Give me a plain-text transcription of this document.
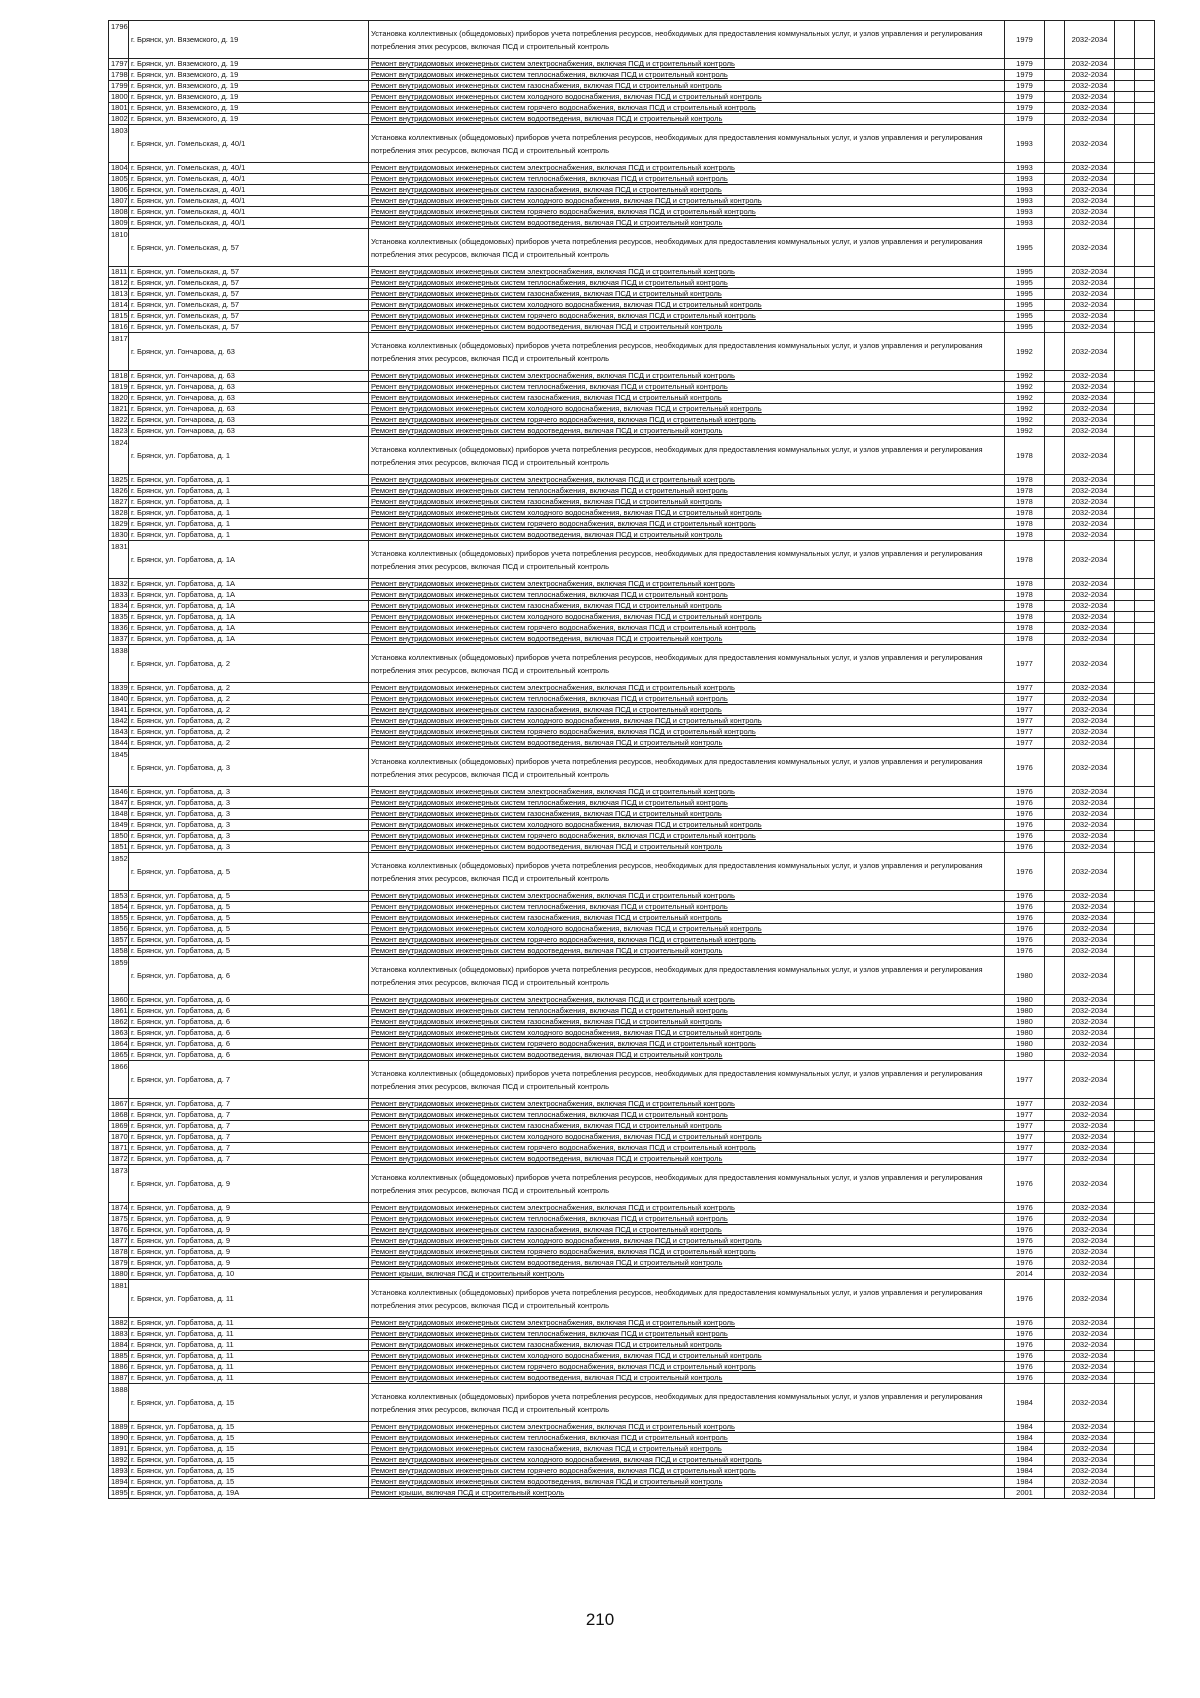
1796	г. Брянск, ул. Вяземского, д. 19	Установка коллективных (общедомовых) приборов учета потребления ресурсов, необходимых для предоставления коммунальных услуг, и узлов управления и регулирования потребления этих ресурсов, включая ПСД и строительный контроль	1979		2032-2034		
1797	г. Брянск, ул. Вяземского, д. 19	Ремонт внутридомовых инженерных систем электроснабжения, включая ПСД и строительный контроль	1979		2032-2034		
1798	г. Брянск, ул. Вяземского, д. 19	Ремонт внутридомовых инженерных систем теплоснабжения, включая ПСД и строительный контроль	1979		2032-2034		
1799	г. Брянск, ул. Вяземского, д. 19	Ремонт внутридомовых инженерных систем газоснабжения, включая ПСД и строительный контроль	1979		2032-2034		
1800	г. Брянск, ул. Вяземского, д. 19	Ремонт внутридомовых инженерных систем холодного водоснабжения, включая ПСД и строительный контроль	1979		2032-2034		
1801	г. Брянск, ул. Вяземского, д. 19	Ремонт внутридомовых инженерных систем горячего водоснабжения, включая ПСД и строительный контроль	1979		2032-2034		
1802	г. Брянск, ул. Вяземского, д. 19	Ремонт внутридомовых инженерных систем водоотведения, включая ПСД и строительный контроль	1979		2032-2034		
1803	г. Брянск, ул. Гомельская, д. 40/1	Установка коллективных (общедомовых) приборов учета потребления ресурсов, необходимых для предоставления коммунальных услуг, и узлов управления и регулирования потребления этих ресурсов, включая ПСД и строительный контроль	1993		2032-2034		
1804	г. Брянск, ул. Гомельская, д. 40/1	Ремонт внутридомовых инженерных систем электроснабжения, включая ПСД и строительный контроль	1993		2032-2034		
1805	г. Брянск, ул. Гомельская, д. 40/1	Ремонт внутридомовых инженерных систем теплоснабжения, включая ПСД и строительный контроль	1993		2032-2034		
1806	г. Брянск, ул. Гомельская, д. 40/1	Ремонт внутридомовых инженерных систем газоснабжения, включая ПСД и строительный контроль	1993		2032-2034		
1807	г. Брянск, ул. Гомельская, д. 40/1	Ремонт внутридомовых инженерных систем холодного водоснабжения, включая ПСД и строительный контроль	1993		2032-2034		
1808	г. Брянск, ул. Гомельская, д. 40/1	Ремонт внутридомовых инженерных систем горячего водоснабжения, включая ПСД и строительный контроль	1993		2032-2034		
1809	г. Брянск, ул. Гомельская, д. 40/1	Ремонт внутридомовых инженерных систем водоотведения, включая ПСД и строительный контроль	1993		2032-2034		
1810	г. Брянск, ул. Гомельская, д. 57	Установка коллективных (общедомовых) приборов учета потребления ресурсов, необходимых для предоставления коммунальных услуг, и узлов управления и регулирования потребления этих ресурсов, включая ПСД и строительный контроль	1995		2032-2034		
1811	г. Брянск, ул. Гомельская, д. 57	Ремонт внутридомовых инженерных систем электроснабжения, включая ПСД и строительный контроль	1995		2032-2034		
1812	г. Брянск, ул. Гомельская, д. 57	Ремонт внутридомовых инженерных систем теплоснабжения, включая ПСД и строительный контроль	1995		2032-2034		
1813	г. Брянск, ул. Гомельская, д. 57	Ремонт внутридомовых инженерных систем газоснабжения, включая ПСД и строительный контроль	1995		2032-2034		
1814	г. Брянск, ул. Гомельская, д. 57	Ремонт внутридомовых инженерных систем холодного водоснабжения, включая ПСД и строительный контроль	1995		2032-2034		
1815	г. Брянск, ул. Гомельская, д. 57	Ремонт внутридомовых инженерных систем горячего водоснабжения, включая ПСД и строительный контроль	1995		2032-2034		
1816	г. Брянск, ул. Гомельская, д. 57	Ремонт внутридомовых инженерных систем водоотведения, включая ПСД и строительный контроль	1995		2032-2034		
1817	г. Брянск, ул. Гончарова, д. 63	Установка коллективных (общедомовых) приборов учета потребления ресурсов, необходимых для предоставления коммунальных услуг, и узлов управления и регулирования потребления этих ресурсов, включая ПСД и строительный контроль	1992		2032-2034		
1818	г. Брянск, ул. Гончарова, д. 63	Ремонт внутридомовых инженерных систем электроснабжения, включая ПСД и строительный контроль	1992		2032-2034		
1819	г. Брянск, ул. Гончарова, д. 63	Ремонт внутридомовых инженерных систем теплоснабжения, включая ПСД и строительный контроль	1992		2032-2034		
1820	г. Брянск, ул. Гончарова, д. 63	Ремонт внутридомовых инженерных систем газоснабжения, включая ПСД и строительный контроль	1992		2032-2034		
1821	г. Брянск, ул. Гончарова, д. 63	Ремонт внутридомовых инженерных систем холодного водоснабжения, включая ПСД и строительный контроль	1992		2032-2034		
1822	г. Брянск, ул. Гончарова, д. 63	Ремонт внутридомовых инженерных систем горячего водоснабжения, включая ПСД и строительный контроль	1992		2032-2034		
1823	г. Брянск, ул. Гончарова, д. 63	Ремонт внутридомовых инженерных систем водоотведения, включая ПСД и строительный контроль	1992		2032-2034		
1824	г. Брянск, ул. Горбатова, д. 1	Установка коллективных (общедомовых) приборов учета потребления ресурсов, необходимых для предоставления коммунальных услуг, и узлов управления и регулирования потребления этих ресурсов, включая ПСД и строительный контроль	1978		2032-2034		
1825	г. Брянск, ул. Горбатова, д. 1	Ремонт внутридомовых инженерных систем электроснабжения, включая ПСД и строительный контроль	1978		2032-2034		
1826	г. Брянск, ул. Горбатова, д. 1	Ремонт внутридомовых инженерных систем теплоснабжения, включая ПСД и строительный контроль	1978		2032-2034		
1827	г. Брянск, ул. Горбатова, д. 1	Ремонт внутридомовых инженерных систем газоснабжения, включая ПСД и строительный контроль	1978		2032-2034		
1828	г. Брянск, ул. Горбатова, д. 1	Ремонт внутридомовых инженерных систем холодного водоснабжения, включая ПСД и строительный контроль	1978		2032-2034		
1829	г. Брянск, ул. Горбатова, д. 1	Ремонт внутридомовых инженерных систем горячего водоснабжения, включая ПСД и строительный контроль	1978		2032-2034		
1830	г. Брянск, ул. Горбатова, д. 1	Ремонт внутридомовых инженерных систем водоотведения, включая ПСД и строительный контроль	1978		2032-2034		
1831	г. Брянск, ул. Горбатова, д. 1А	Установка коллективных (общедомовых) приборов учета потребления ресурсов, необходимых для предоставления коммунальных услуг, и узлов управления и регулирования потребления этих ресурсов, включая ПСД и строительный контроль	1978		2032-2034		
1832	г. Брянск, ул. Горбатова, д. 1А	Ремонт внутридомовых инженерных систем электроснабжения, включая ПСД и строительный контроль	1978		2032-2034		
1833	г. Брянск, ул. Горбатова, д. 1А	Ремонт внутридомовых инженерных систем теплоснабжения, включая ПСД и строительный контроль	1978		2032-2034		
1834	г. Брянск, ул. Горбатова, д. 1А	Ремонт внутридомовых инженерных систем газоснабжения, включая ПСД и строительный контроль	1978		2032-2034		
1835	г. Брянск, ул. Горбатова, д. 1А	Ремонт внутридомовых инженерных систем холодного водоснабжения, включая ПСД и строительный контроль	1978		2032-2034		
1836	г. Брянск, ул. Горбатова, д. 1А	Ремонт внутридомовых инженерных систем горячего водоснабжения, включая ПСД и строительный контроль	1978		2032-2034		
1837	г. Брянск, ул. Горбатова, д. 1А	Ремонт внутридомовых инженерных систем водоотведения, включая ПСД и строительный контроль	1978		2032-2034		
1838	г. Брянск, ул. Горбатова, д. 2	Установка коллективных (общедомовых) приборов учета потребления ресурсов, необходимых для предоставления коммунальных услуг, и узлов управления и регулирования потребления этих ресурсов, включая ПСД и строительный контроль	1977		2032-2034		
1839	г. Брянск, ул. Горбатова, д. 2	Ремонт внутридомовых инженерных систем электроснабжения, включая ПСД и строительный контроль	1977		2032-2034		
1840	г. Брянск, ул. Горбатова, д. 2	Ремонт внутридомовых инженерных систем теплоснабжения, включая ПСД и строительный контроль	1977		2032-2034		
1841	г. Брянск, ул. Горбатова, д. 2	Ремонт внутридомовых инженерных систем газоснабжения, включая ПСД и строительный контроль	1977		2032-2034		
1842	г. Брянск, ул. Горбатова, д. 2	Ремонт внутридомовых инженерных систем холодного водоснабжения, включая ПСД и строительный контроль	1977		2032-2034		
1843	г. Брянск, ул. Горбатова, д. 2	Ремонт внутридомовых инженерных систем горячего водоснабжения, включая ПСД и строительный контроль	1977		2032-2034		
1844	г. Брянск, ул. Горбатова, д. 2	Ремонт внутридомовых инженерных систем водоотведения, включая ПСД и строительный контроль	1977		2032-2034		
1845	г. Брянск, ул. Горбатова, д. 3	Установка коллективных (общедомовых) приборов учета потребления ресурсов, необходимых для предоставления коммунальных услуг, и узлов управления и регулирования потребления этих ресурсов, включая ПСД и строительный контроль	1976		2032-2034		
1846	г. Брянск, ул. Горбатова, д. 3	Ремонт внутридомовых инженерных систем электроснабжения, включая ПСД и строительный контроль	1976		2032-2034		
1847	г. Брянск, ул. Горбатова, д. 3	Ремонт внутридомовых инженерных систем теплоснабжения, включая ПСД и строительный контроль	1976		2032-2034		
1848	г. Брянск, ул. Горбатова, д. 3	Ремонт внутридомовых инженерных систем газоснабжения, включая ПСД и строительный контроль	1976		2032-2034		
1849	г. Брянск, ул. Горбатова, д. 3	Ремонт внутридомовых инженерных систем холодного водоснабжения, включая ПСД и строительный контроль	1976		2032-2034		
1850	г. Брянск, ул. Горбатова, д. 3	Ремонт внутридомовых инженерных систем горячего водоснабжения, включая ПСД и строительный контроль	1976		2032-2034		
1851	г. Брянск, ул. Горбатова, д. 3	Ремонт внутридомовых инженерных систем водоотведения, включая ПСД и строительный контроль	1976		2032-2034		
1852	г. Брянск, ул. Горбатова, д. 5	Установка коллективных (общедомовых) приборов учета потребления ресурсов, необходимых для предоставления коммунальных услуг, и узлов управления и регулирования потребления этих ресурсов, включая ПСД и строительный контроль	1976		2032-2034		
1853	г. Брянск, ул. Горбатова, д. 5	Ремонт внутридомовых инженерных систем электроснабжения, включая ПСД и строительный контроль	1976		2032-2034		
1854	г. Брянск, ул. Горбатова, д. 5	Ремонт внутридомовых инженерных систем теплоснабжения, включая ПСД и строительный контроль	1976		2032-2034		
1855	г. Брянск, ул. Горбатова, д. 5	Ремонт внутридомовых инженерных систем газоснабжения, включая ПСД и строительный контроль	1976		2032-2034		
1856	г. Брянск, ул. Горбатова, д. 5	Ремонт внутридомовых инженерных систем холодного водоснабжения, включая ПСД и строительный контроль	1976		2032-2034		
1857	г. Брянск, ул. Горбатова, д. 5	Ремонт внутридомовых инженерных систем горячего водоснабжения, включая ПСД и строительный контроль	1976		2032-2034		
1858	г. Брянск, ул. Горбатова, д. 5	Ремонт внутридомовых инженерных систем водоотведения, включая ПСД и строительный контроль	1976		2032-2034		
1859	г. Брянск, ул. Горбатова, д. 6	Установка коллективных (общедомовых) приборов учета потребления ресурсов, необходимых для предоставления коммунальных услуг, и узлов управления и регулирования потребления этих ресурсов, включая ПСД и строительный контроль	1980		2032-2034		
1860	г. Брянск, ул. Горбатова, д. 6	Ремонт внутридомовых инженерных систем электроснабжения, включая ПСД и строительный контроль	1980		2032-2034		
1861	г. Брянск, ул. Горбатова, д. 6	Ремонт внутридомовых инженерных систем теплоснабжения, включая ПСД и строительный контроль	1980		2032-2034		
1862	г. Брянск, ул. Горбатова, д. 6	Ремонт внутридомовых инженерных систем газоснабжения, включая ПСД и строительный контроль	1980		2032-2034		
1863	г. Брянск, ул. Горбатова, д. 6	Ремонт внутридомовых инженерных систем холодного водоснабжения, включая ПСД и строительный контроль	1980		2032-2034		
1864	г. Брянск, ул. Горбатова, д. 6	Ремонт внутридомовых инженерных систем горячего водоснабжения, включая ПСД и строительный контроль	1980		2032-2034		
1865	г. Брянск, ул. Горбатова, д. 6	Ремонт внутридомовых инженерных систем водоотведения, включая ПСД и строительный контроль	1980		2032-2034		
1866	г. Брянск, ул. Горбатова, д. 7	Установка коллективных (общедомовых) приборов учета потребления ресурсов, необходимых для предоставления коммунальных услуг, и узлов управления и регулирования потребления этих ресурсов, включая ПСД и строительный контроль	1977		2032-2034		
1867	г. Брянск, ул. Горбатова, д. 7	Ремонт внутридомовых инженерных систем электроснабжения, включая ПСД и строительный контроль	1977		2032-2034		
1868	г. Брянск, ул. Горбатова, д. 7	Ремонт внутридомовых инженерных систем теплоснабжения, включая ПСД и строительный контроль	1977		2032-2034		
1869	г. Брянск, ул. Горбатова, д. 7	Ремонт внутридомовых инженерных систем газоснабжения, включая ПСД и строительный контроль	1977		2032-2034		
1870	г. Брянск, ул. Горбатова, д. 7	Ремонт внутридомовых инженерных систем холодного водоснабжения, включая ПСД и строительный контроль	1977		2032-2034		
1871	г. Брянск, ул. Горбатова, д. 7	Ремонт внутридомовых инженерных систем горячего водоснабжения, включая ПСД и строительный контроль	1977		2032-2034		
1872	г. Брянск, ул. Горбатова, д. 7	Ремонт внутридомовых инженерных систем водоотведения, включая ПСД и строительный контроль	1977		2032-2034		
1873	г. Брянск, ул. Горбатова, д. 9	Установка коллективных (общедомовых) приборов учета потребления ресурсов, необходимых для предоставления коммунальных услуг, и узлов управления и регулирования потребления этих ресурсов, включая ПСД и строительный контроль	1976		2032-2034		
1874	г. Брянск, ул. Горбатова, д. 9	Ремонт внутридомовых инженерных систем электроснабжения, включая ПСД и строительный контроль	1976		2032-2034		
1875	г. Брянск, ул. Горбатова, д. 9	Ремонт внутридомовых инженерных систем теплоснабжения, включая ПСД и строительный контроль	1976		2032-2034		
1876	г. Брянск, ул. Горбатова, д. 9	Ремонт внутридомовых инженерных систем газоснабжения, включая ПСД и строительный контроль	1976		2032-2034		
1877	г. Брянск, ул. Горбатова, д. 9	Ремонт внутридомовых инженерных систем холодного водоснабжения, включая ПСД и строительный контроль	1976		2032-2034		
1878	г. Брянск, ул. Горбатова, д. 9	Ремонт внутридомовых инженерных систем горячего водоснабжения, включая ПСД и строительный контроль	1976		2032-2034		
1879	г. Брянск, ул. Горбатова, д. 9	Ремонт внутридомовых инженерных систем водоотведения, включая ПСД и строительный контроль	1976		2032-2034		
1880	г. Брянск, ул. Горбатова, д. 10	Ремонт крыши, включая ПСД и строительный контроль	2014		2032-2034		
1881	г. Брянск, ул. Горбатова, д. 11	Установка коллективных (общедомовых) приборов учета потребления ресурсов, необходимых для предоставления коммунальных услуг, и узлов управления и регулирования потребления этих ресурсов, включая ПСД и строительный контроль	1976		2032-2034		
1882	г. Брянск, ул. Горбатова, д. 11	Ремонт внутридомовых инженерных систем электроснабжения, включая ПСД и строительный контроль	1976		2032-2034		
1883	г. Брянск, ул. Горбатова, д. 11	Ремонт внутридомовых инженерных систем теплоснабжения, включая ПСД и строительный контроль	1976		2032-2034		
1884	г. Брянск, ул. Горбатова, д. 11	Ремонт внутридомовых инженерных систем газоснабжения, включая ПСД и строительный контроль	1976		2032-2034		
1885	г. Брянск, ул. Горбатова, д. 11	Ремонт внутридомовых инженерных систем холодного водоснабжения, включая ПСД и строительный контроль	1976		2032-2034		
1886	г. Брянск, ул. Горбатова, д. 11	Ремонт внутридомовых инженерных систем горячего водоснабжения, включая ПСД и строительный контроль	1976		2032-2034		
1887	г. Брянск, ул. Горбатова, д. 11	Ремонт внутридомовых инженерных систем водоотведения, включая ПСД и строительный контроль	1976		2032-2034		
1888	г. Брянск, ул. Горбатова, д. 15	Установка коллективных (общедомовых) приборов учета потребления ресурсов, необходимых для предоставления коммунальных услуг, и узлов управления и регулирования потребления этих ресурсов, включая ПСД и строительный контроль	1984		2032-2034		
1889	г. Брянск, ул. Горбатова, д. 15	Ремонт внутридомовых инженерных систем электроснабжения, включая ПСД и строительный контроль	1984		2032-2034		
1890	г. Брянск, ул. Горбатова, д. 15	Ремонт внутридомовых инженерных систем теплоснабжения, включая ПСД и строительный контроль	1984		2032-2034		
1891	г. Брянск, ул. Горбатова, д. 15	Ремонт внутридомовых инженерных систем газоснабжения, включая ПСД и строительный контроль	1984		2032-2034		
1892	г. Брянск, ул. Горбатова, д. 15	Ремонт внутридомовых инженерных систем холодного водоснабжения, включая ПСД и строительный контроль	1984		2032-2034		
1893	г. Брянск, ул. Горбатова, д. 15	Ремонт внутридомовых инженерных систем горячего водоснабжения, включая ПСД и строительный контроль	1984		2032-2034		
1894	г. Брянск, ул. Горбатова, д. 15	Ремонт внутридомовых инженерных систем водоотведения, включая ПСД и строительный контроль	1984		2032-2034		
1895	г. Брянск, ул. Горбатова, д. 19А	Ремонт крыши, включая ПСД и строительный контроль	2001		2032-2034		
210
